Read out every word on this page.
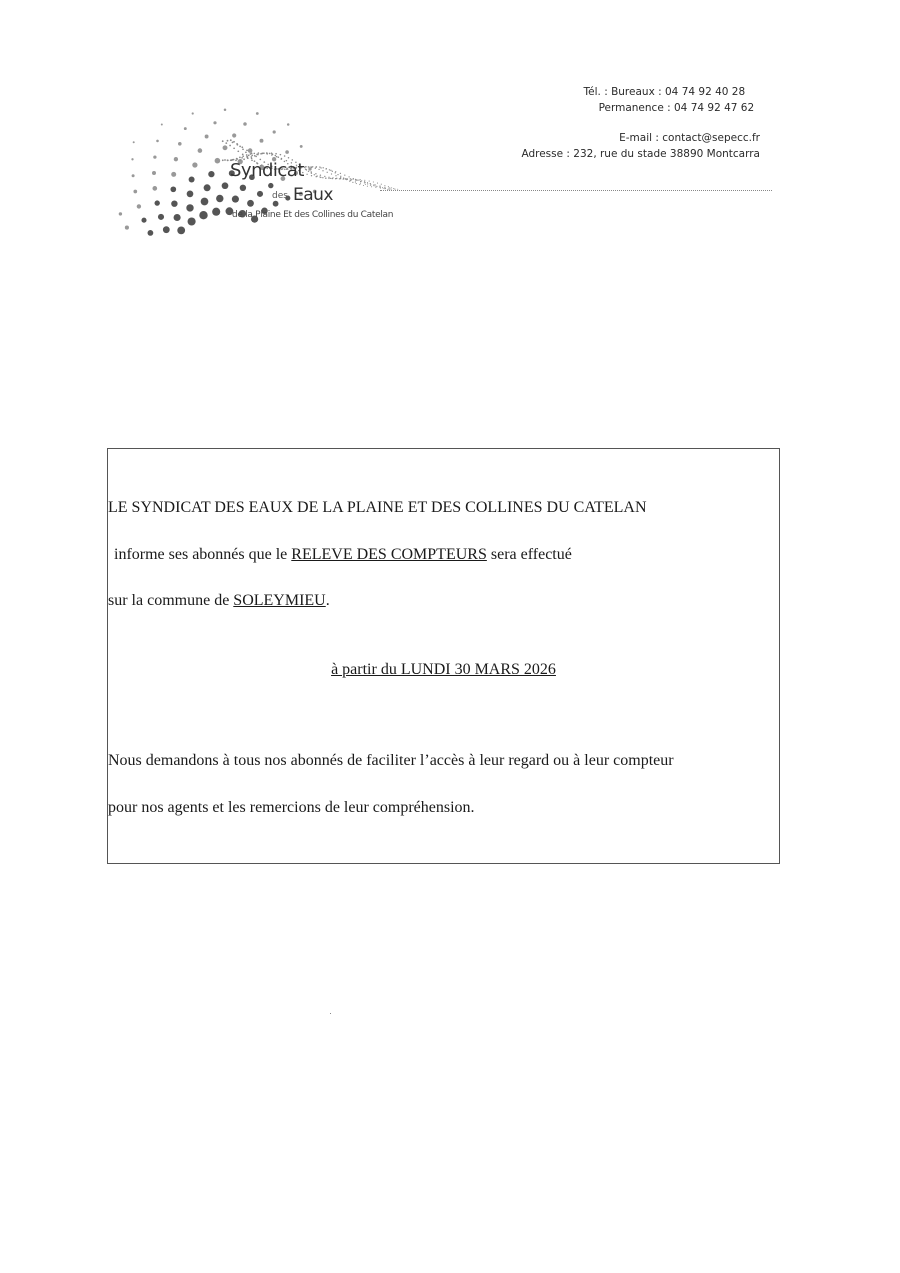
Syndicat
des Eaux
de la Plaine Et des Collines du Catelan
Tél. : Bureaux : 04 74 92 40 28
Permanence : 04 74 92 47 62
E-mail : contact@sepecc.fr
Adresse : 232, rue du stade 38890 Montcarra

LE SYNDICAT DES EAUX DE LA PLAINE ET DES COLLINES DU CATELAN

informe ses abonnés que le RELEVE DES COMPTEURS sera effectué

sur la commune de SOLEYMIEU.

à partir du LUNDI 30 MARS 2026

Nous demandons à tous nos abonnés de faciliter l’accès à leur regard ou à leur compteur

pour nos agents et les remercions de leur compréhension.
